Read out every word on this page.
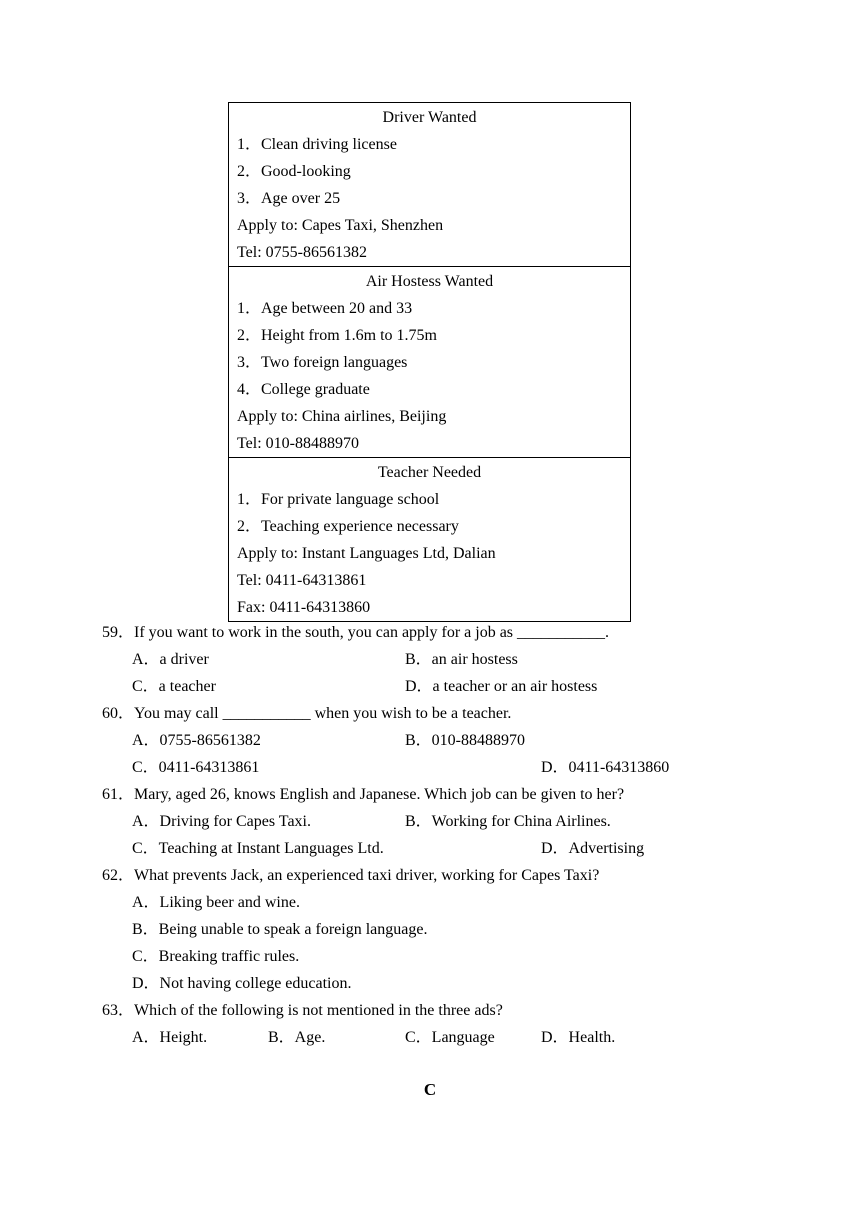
Driver Wanted
1．Clean driving license
2．Good-looking
3．Age over 25
Apply to: Capes Taxi, Shenzhen
Tel: 0755-86561382
Air Hostess Wanted
1．Age between 20 and 33
2．Height from 1.6m to 1.75m
3．Two foreign languages
4．College graduate
Apply to: China airlines, Beijing
Tel: 010-88488970
Teacher Needed
1．For private language school
2．Teaching experience necessary
Apply to: Instant Languages Ltd, Dalian
Tel: 0411-64313861
Fax: 0411-64313860
59．If you want to work in the south, you can apply for a job as ___________.
A．a driver	B．an air hostess
C．a teacher	D．a teacher or an air hostess
60．You may call ___________ when you wish to be a teacher.
A．0755-86561382	B．010-88488970
C．0411-64313861	D．0411-64313860
61．Mary, aged 26, knows English and Japanese. Which job can be given to her?
A．Driving for Capes Taxi.	B．Working for China Airlines.
C．Teaching at Instant Languages Ltd.	D．Advertising
62．What prevents Jack, an experienced taxi driver, working for Capes Taxi?
A．Liking beer and wine.
B．Being unable to speak a foreign language.
C．Breaking traffic rules.
D．Not having college education.
63．Which of the following is not mentioned in the three ads?
A．Height.	B．Age.	C．Language	D．Health.
C
